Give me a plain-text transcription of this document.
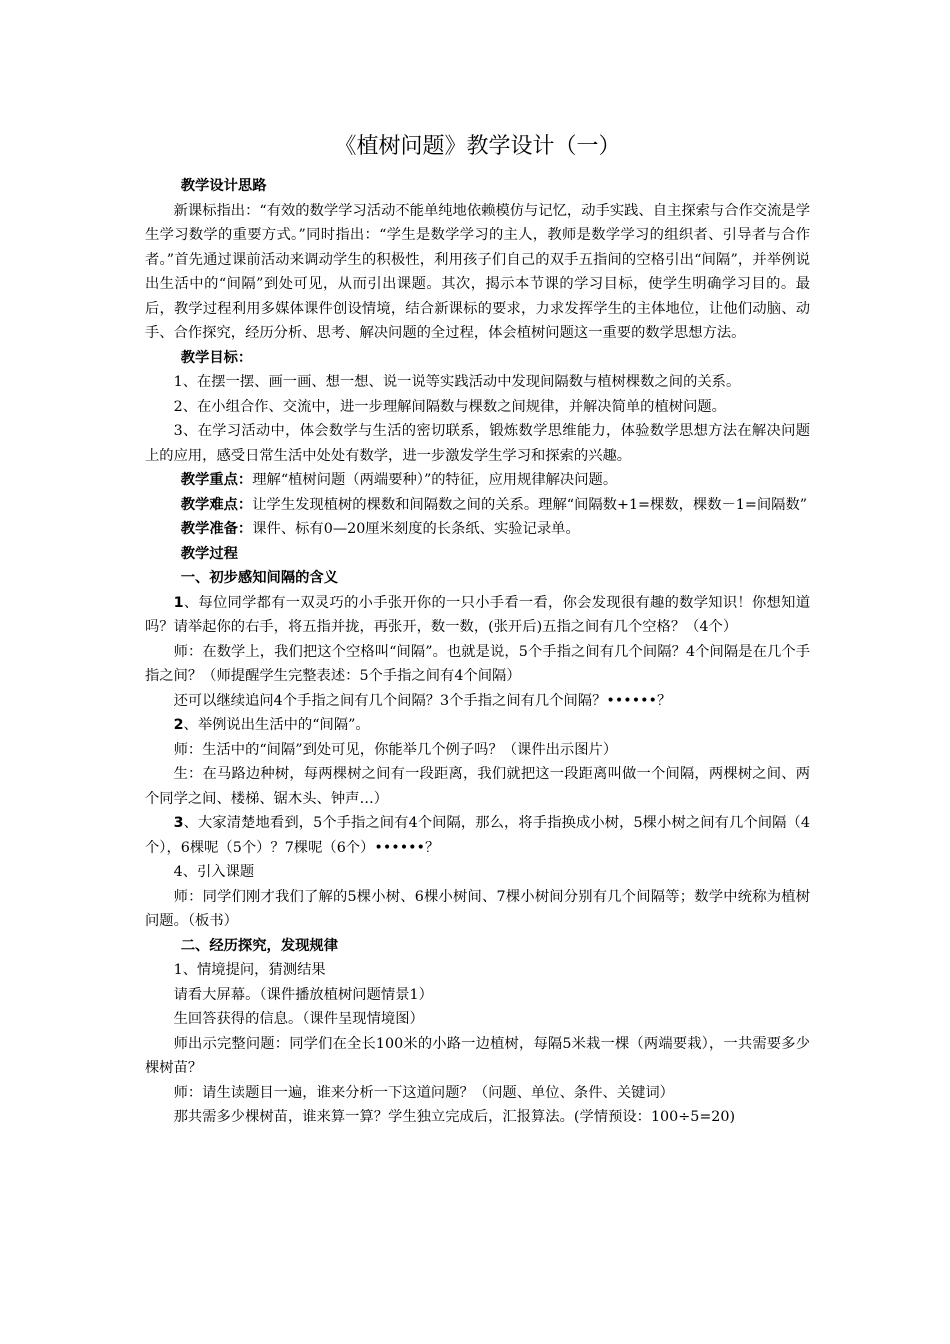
《植树问题》教学设计（一）

教学设计思路

新课标指出：“有效的数学学习活动不能单纯地依赖模仿与记忆，动手实践、自主探索与合作交流是学生学习数学的重要方式。”同时指出：“学生是数学学习的主人，教师是数学学习的组织者、引导者与合作者。”首先通过课前活动来调动学生的积极性，利用孩子们自己的双手五指间的空格引出“间隔”，并举例说出生活中的“间隔”到处可见，从而引出课题。其次，揭示本节课的学习目标，使学生明确学习目的。最后，教学过程利用多媒体课件创设情境，结合新课标的要求，力求发挥学生的主体地位，让他们动脑、动手、合作探究，经历分析、思考、解决问题的全过程，体会植树问题这一重要的数学思想方法。

教学目标：

1、在摆一摆、画一画、想一想、说一说等实践活动中发现间隔数与植树棵数之间的关系。

2、在小组合作、交流中，进一步理解间隔数与棵数之间规律，并解决简单的植树问题。

3、在学习活动中，体会数学与生活的密切联系，锻炼数学思维能力，体验数学思想方法在解决问题上的应用，感受日常生活中处处有数学，进一步激发学生学习和探索的兴趣。

教学重点：理解“植树问题（两端要种）”的特征，应用规律解决问题。

教学难点：让学生发现植树的棵数和间隔数之间的关系。理解“间隔数+1=棵数，棵数－1=间隔数”

教学准备：课件、标有0—20厘米刻度的长条纸、实验记录单。

教学过程

一、初步感知间隔的含义

1、每位同学都有一双灵巧的小手张开你的一只小手看一看，你会发现很有趣的数学知识！你想知道吗？请举起你的右手，将五指并拢，再张开，数一数，(张开后)五指之间有几个空格？（4个）

师：在数学上，我们把这个空格叫“间隔”。也就是说，5个手指之间有几个间隔？4个间隔是在几个手指之间？（师提醒学生完整表述：5个手指之间有4个间隔）

还可以继续追问4个手指之间有几个间隔？3个手指之间有几个间隔？••••••？

2、举例说出生活中的“间隔”。

师：生活中的“间隔”到处可见，你能举几个例子吗？（课件出示图片）

生：在马路边种树，每两棵树之间有一段距离，我们就把这一段距离叫做一个间隔，两棵树之间、两个同学之间、楼梯、锯木头、钟声…）

3、大家清楚地看到，5个手指之间有4个间隔，那么，将手指换成小树，5棵小树之间有几个间隔（4个），6棵呢（5个）？7棵呢（6个）••••••？

4、引入课题

师：同学们刚才我们了解的5棵小树、6棵小树间、7棵小树间分别有几个间隔等；数学中统称为植树问题。（板书）

二、经历探究，发现规律

1、情境提问，猜测结果

请看大屏幕。（课件播放植树问题情景1）

生回答获得的信息。（课件呈现情境图）

师出示完整问题：同学们在全长100米的小路一边植树，每隔5米栽一棵（两端要栽），一共需要多少棵树苗？

师：请生读题目一遍，谁来分析一下这道问题？（问题、单位、条件、关键词）

那共需多少棵树苗，谁来算一算？学生独立完成后，汇报算法。(学情预设：100÷5=20)
